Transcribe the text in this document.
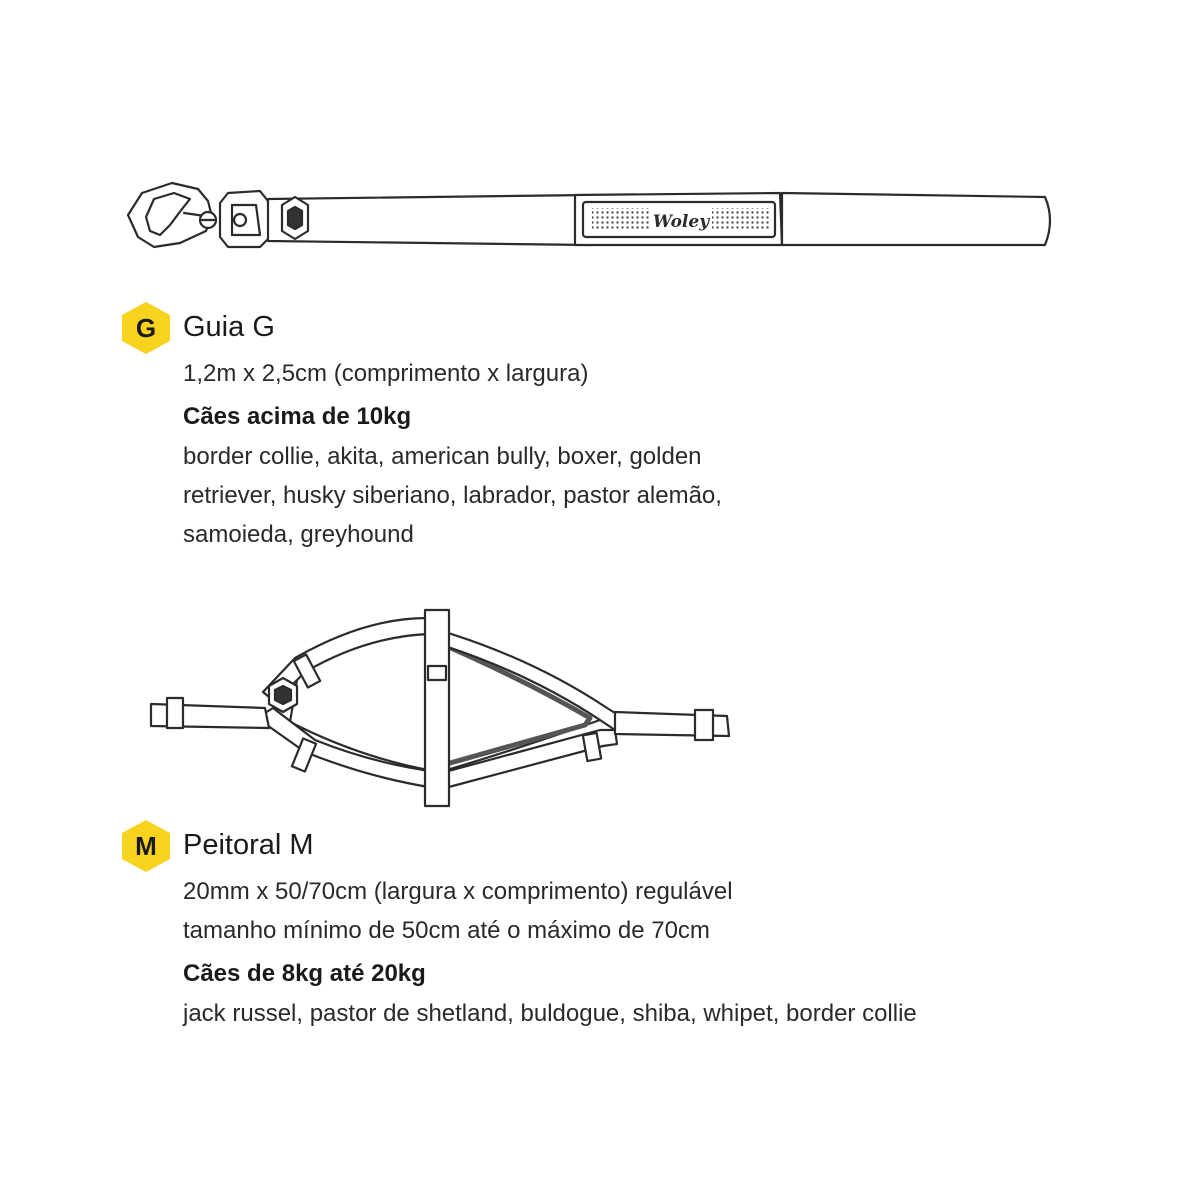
Woley
G Guia G
1,2m x 2,5cm (comprimento x largura)
Cães acima de 10kg
border collie, akita, american bully, boxer, golden
retriever, husky siberiano, labrador, pastor alemão,
samoieda, greyhound
M Peitoral M
20mm x 50/70cm (largura x comprimento) regulável
tamanho mínimo de 50cm até o máximo de 70cm
Cães de 8kg até 20kg
jack russel, pastor de shetland, buldogue, shiba, whipet, border collie
